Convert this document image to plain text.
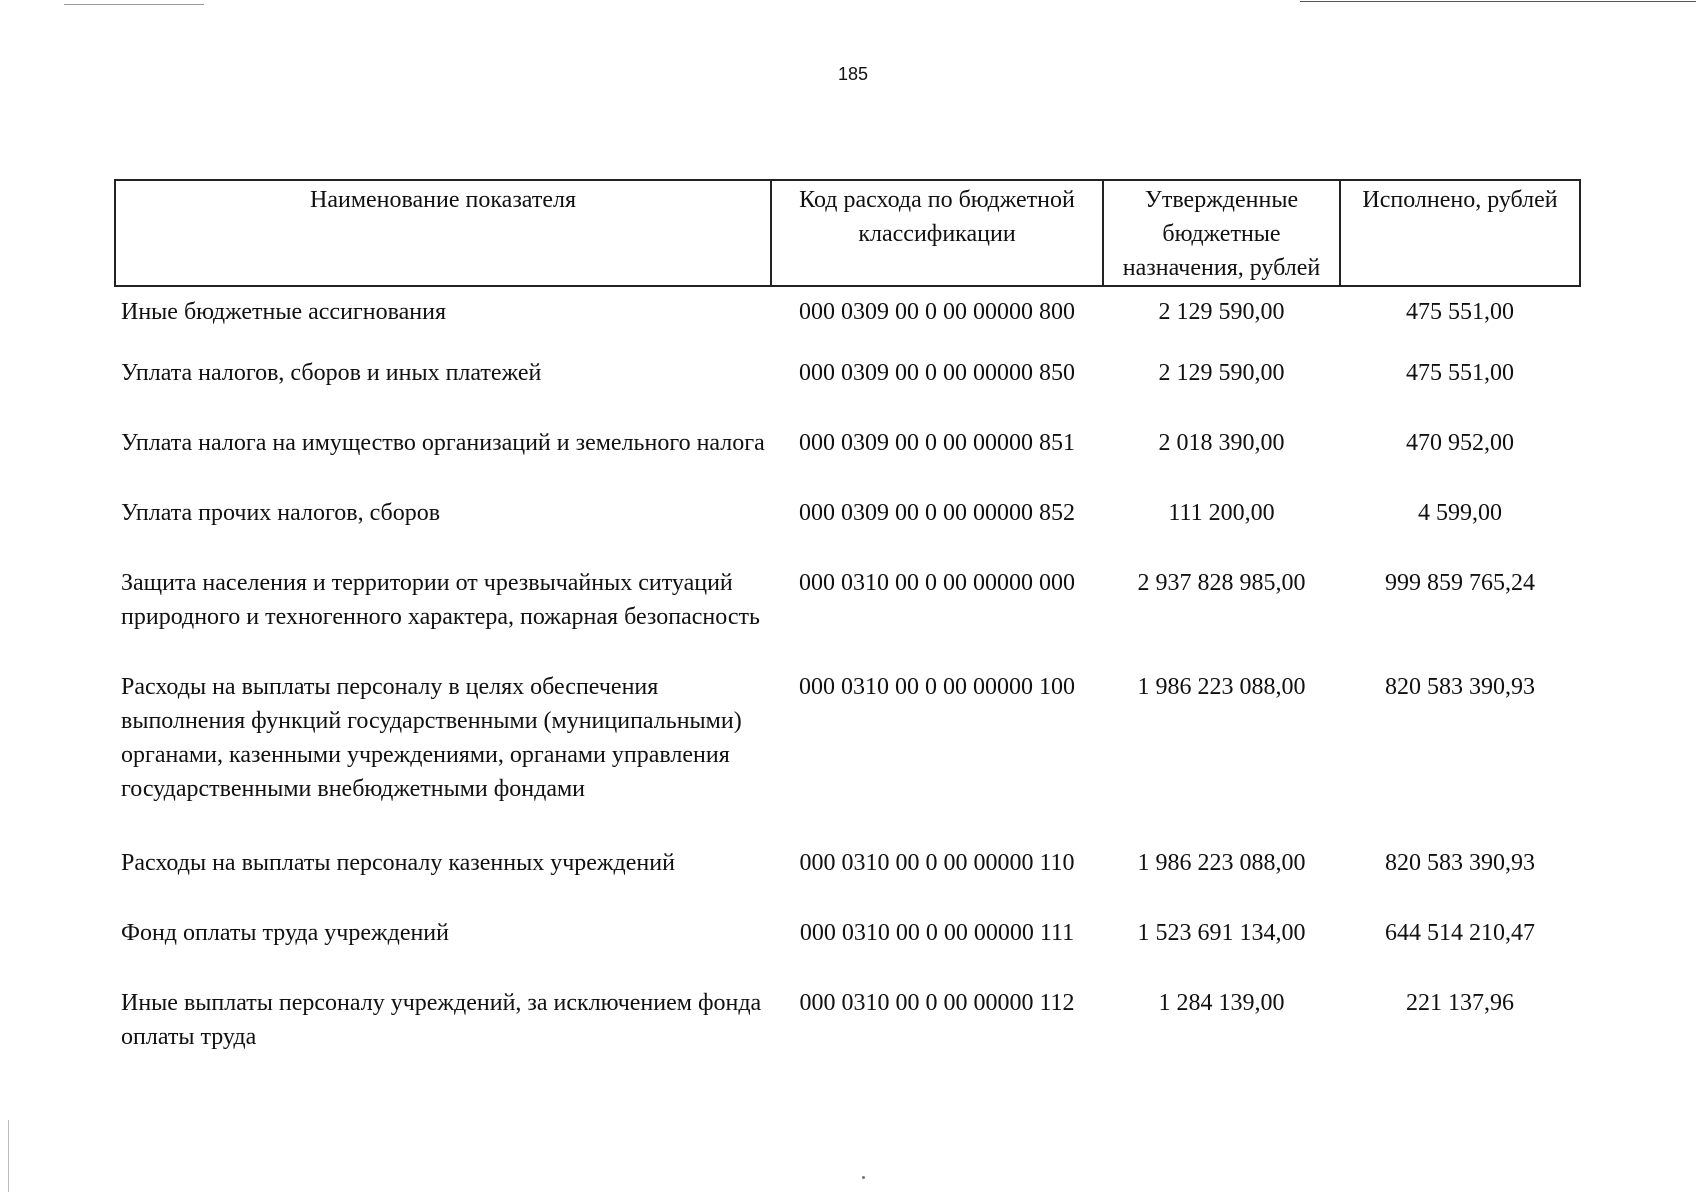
185
Наименование показателя	Код расхода по бюджетной классификации	Утвержденные бюджетные назначения, рублей	Исполнено, рублей
Иные бюджетные ассигнования	000 0309 00 0 00 00000 800	2 129 590,00	475 551,00
Уплата налогов, сборов и иных платежей	000 0309 00 0 00 00000 850	2 129 590,00	475 551,00
Уплата налога на имущество организаций и земельного налога	000 0309 00 0 00 00000 851	2 018 390,00	470 952,00
Уплата прочих налогов, сборов	000 0309 00 0 00 00000 852	111 200,00	4 599,00
Защита населения и территории от чрезвычайных ситуаций природного и техногенного характера, пожарная безопасность	000 0310 00 0 00 00000 000	2 937 828 985,00	999 859 765,24
Расходы на выплаты персоналу в целях обеспечения выполнения функций государственными (муниципальными) органами, казенными учреждениями, органами управления государственными внебюджетными фондами	000 0310 00 0 00 00000 100	1 986 223 088,00	820 583 390,93
Расходы на выплаты персоналу казенных учреждений	000 0310 00 0 00 00000 110	1 986 223 088,00	820 583 390,93
Фонд оплаты труда учреждений	000 0310 00 0 00 00000 111	1 523 691 134,00	644 514 210,47
Иные выплаты персоналу учреждений, за исключением фонда оплаты труда	000 0310 00 0 00 00000 112	1 284 139,00	221 137,96
